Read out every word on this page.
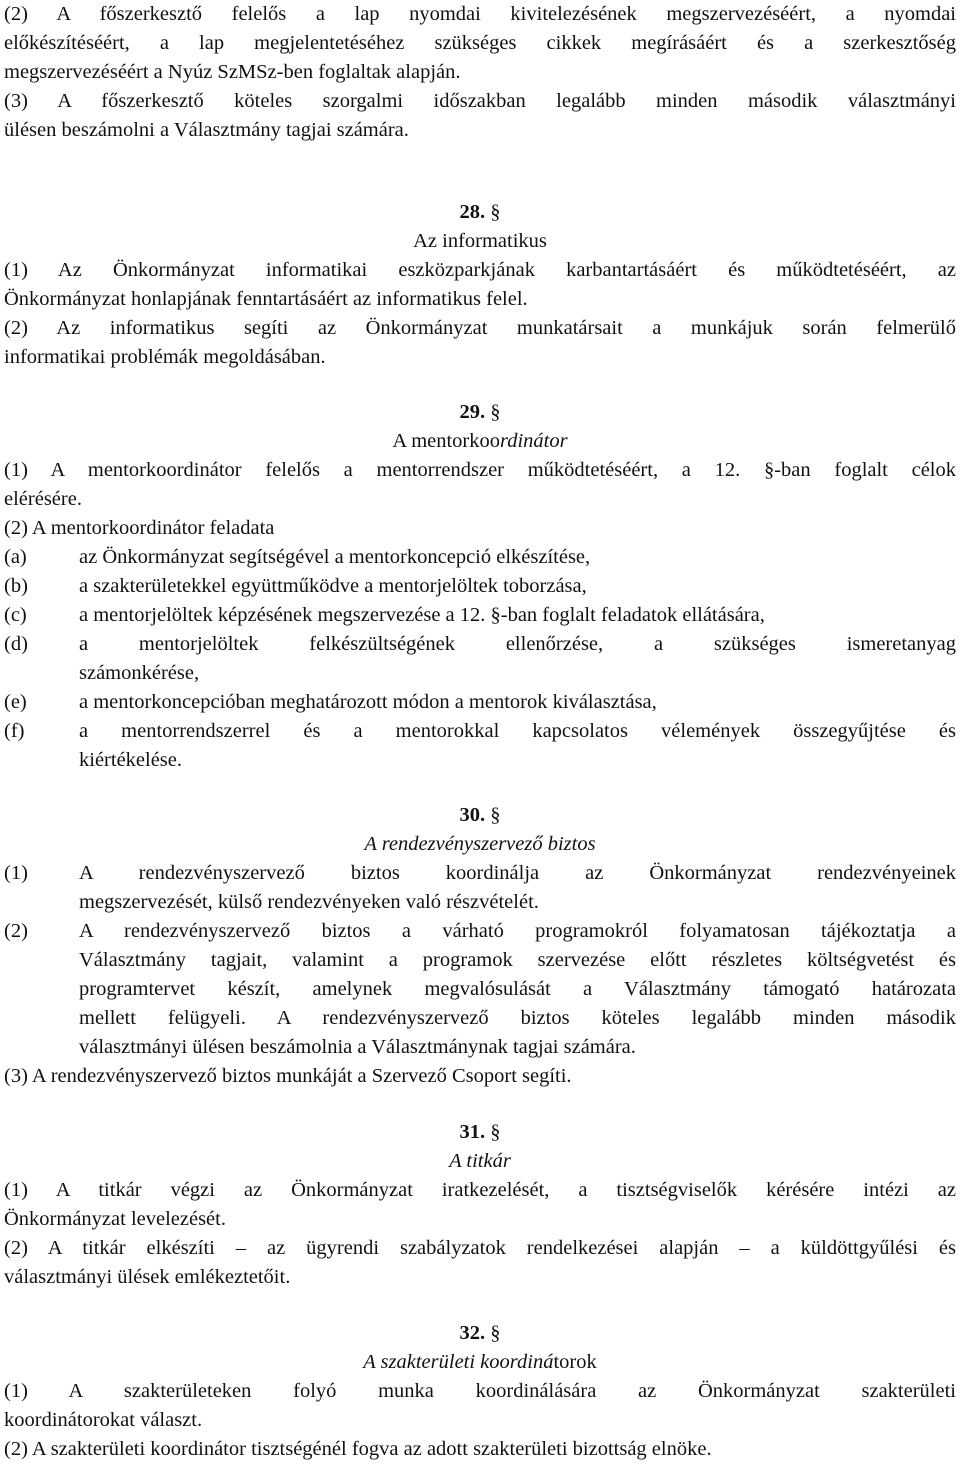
(2) A főszerkesztő felelős a lap nyomdai kivitelezésének megszervezéséért, a nyomdai
előkészítéséért, a lap megjelentetéséhez szükséges cikkek megírásáért és a szerkesztőség
megszervezéséért a Nyúz SzMSz-ben foglaltak alapján.
(3) A főszerkesztő köteles szorgalmi időszakban legalább minden második választmányi
ülésen beszámolni a Választmány tagjai számára.
28. §
Az informatikus
(1) Az Önkormányzat informatikai eszközparkjának karbantartásáért és működtetéséért, az
Önkormányzat honlapjának fenntartásáért az informatikus felel.
(2) Az informatikus segíti az Önkormányzat munkatársait a munkájuk során felmerülő
informatikai problémák megoldásában.
29. §
A mentorkoordinátor
(1) A mentorkoordinátor felelős a mentorrendszer működtetéséért, a 12. §-ban foglalt célok
elérésére.
(2) A mentorkoordinátor feladata
(a)	az Önkormányzat segítségével a mentorkoncepció elkészítése,
(b) a szakterületekkel együttműködve a mentorjelöltek toborzása,
(c)	a mentorjelöltek képzésének megszervezése a 12. §-ban foglalt feladatok ellátására,
(d) a mentorjelöltek felkészültségének ellenőrzése, a szükséges ismeretanyag
számonkérése,
(e)	a mentorkoncepcióban meghatározott módon a mentorok kiválasztása,
(f)	a mentorrendszerrel és a mentorokkal kapcsolatos vélemények összegyűjtése és
kiértékelése.
30. §
A rendezvényszervező biztos
(1) A rendezvényszervező biztos koordinálja az Önkormányzat rendezvényeinek
megszervezését, külső rendezvényeken való részvételét.
(2) A rendezvényszervező biztos a várható programokról folyamatosan tájékoztatja a
Választmány tagjait, valamint a programok szervezése előtt részletes költségvetést és
programtervet készít, amelynek megvalósulását a Választmány támogató határozata
mellett felügyeli. A rendezvényszervező biztos köteles legalább minden második
választmányi ülésen beszámolnia a Választmánynak tagjai számára.
(3) A rendezvényszervező biztos munkáját a Szervező Csoport segíti.
31. §
A titkár
(1) A titkár végzi az Önkormányzat iratkezelését, a tisztségviselők kérésére intézi az
Önkormányzat levelezését.
(2) A titkár elkészíti – az ügyrendi szabályzatok rendelkezései alapján – a küldöttgyűlési és
választmányi ülések emlékeztetőit.
32. §
A szakterületi koordinátorok
(1) A szakterületeken folyó munka koordinálására az Önkormányzat szakterületi
koordinátorokat választ.
(2) A szakterületi koordinátor tisztségénél fogva az adott szakterületi bizottság elnöke.
